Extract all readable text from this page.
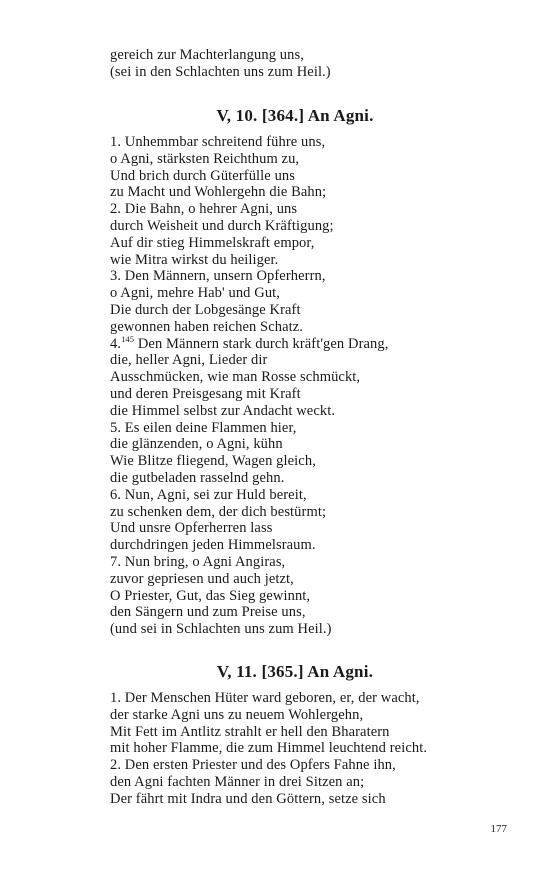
gereich zur Machterlangung uns,
(sei in den Schlachten uns zum Heil.)
V, 10. [364.] An Agni.
1. Unhemmbar schreitend führe uns,
o Agni, stärksten Reichthum zu,
Und brich durch Güterfülle uns
zu Macht und Wohlergehn die Bahn;
2. Die Bahn, o hehrer Agni, uns
durch Weisheit und durch Kräftigung;
Auf dir stieg Himmelskraft empor,
wie Mitra wirkst du heiliger.
3. Den Männern, unsern Opferherrn,
o Agni, mehre Hab' und Gut,
Die durch der Lobgesänge Kraft
gewonnen haben reichen Schatz.
4.$^{145}$ Den Männern stark durch kräft'gen Drang,
die, heller Agni, Lieder dir
Ausschmücken, wie man Rosse schmückt,
und deren Preisgesang mit Kraft
die Himmel selbst zur Andacht weckt.
5. Es eilen deine Flammen hier,
die glänzenden, o Agni, kühn
Wie Blitze fliegend, Wagen gleich,
die gutbeladen rasselnd gehn.
6. Nun, Agni, sei zur Huld bereit,
zu schenken dem, der dich bestürmt;
Und unsre Opferherren lass
durchdringen jeden Himmelsraum.
7. Nun bring, o Agni Angiras,
zuvor gepriesen und auch jetzt,
O Priester, Gut, das Sieg gewinnt,
den Sängern und zum Preise uns,
(und sei in Schlachten uns zum Heil.)
V, 11. [365.] An Agni.
1. Der Menschen Hüter ward geboren, er, der wacht,
der starke Agni uns zu neuem Wohlergehn,
Mit Fett im Antlitz strahlt er hell den Bharatern
mit hoher Flamme, die zum Himmel leuchtend reicht.
2. Den ersten Priester und des Opfers Fahne ihn,
den Agni fachten Männer in drei Sitzen an;
Der fährt mit Indra und den Göttern, setze sich
177
